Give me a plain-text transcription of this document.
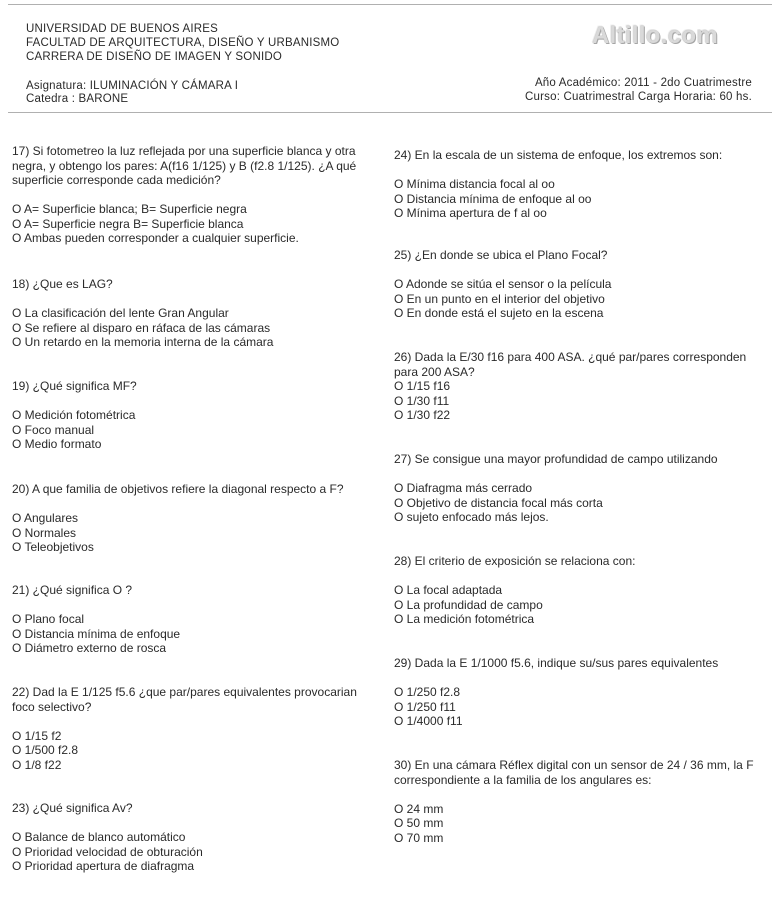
UNIVERSIDAD DE BUENOS AIRES
FACULTAD DE ARQUITECTURA, DISEÑO Y URBANISMO
CARRERA DE DISEÑO DE IMAGEN Y SONIDO
Altillo.com
Asignatura: ILUMINACIÓN Y CÁMARA I
Catedra : BARONE
Año Académico: 2011 - 2do Cuatrimestre
Curso: Cuatrimestral Carga Horaria: 60 hs.
17) Si fotometreo la luz reflejada por una superficie blanca y otra negra, y obtengo los pares: A(f16 1/125) y B (f2.8 1/125). ¿A qué superficie corresponde cada medición?
O A= Superficie blanca; B= Superficie negra
O A= Superficie negra B= Superficie blanca
O Ambas pueden corresponder a cualquier superficie.
18) ¿Que es LAG?
O La clasificación del lente Gran Angular
O Se refiere al disparo en ráfaca de las cámaras
O Un retardo en la memoria interna de la cámara
19) ¿Qué significa MF?
O Medición fotométrica
O Foco manual
O Medio formato
20) A que familia de objetivos refiere la diagonal respecto a F?
O Angulares
O Normales
O Teleobjetivos
21) ¿Qué significa O ?
O Plano focal
O Distancia mínima de enfoque
O Diámetro externo de rosca
22) Dad la E 1/125 f5.6 ¿que par/pares equivalentes provocarian foco selectivo?
O 1/15 f2
O 1/500 f2.8
O 1/8 f22
23) ¿Qué significa Av?
O Balance de blanco automático
O Prioridad velocidad de obturación
O Prioridad apertura de diafragma
24) En la escala de un sistema de enfoque, los extremos son:
O Mínima distancia focal al oo
O Distancia mínima de enfoque al oo
O Mínima apertura de f al oo
25) ¿En donde se ubica el Plano Focal?
O Adonde se sitúa el sensor o la película
O En un punto en el interior del objetivo
O En donde está el sujeto en la escena
26) Dada la E/30 f16 para 400 ASA. ¿qué par/pares corresponden para 200 ASA?
O 1/15 f16
O 1/30 f11
O 1/30 f22
27) Se consigue una mayor profundidad de campo utilizando
O Diafragma más cerrado
O Objetivo de distancia focal más corta
O sujeto enfocado más lejos.
28) El criterio de exposición se relaciona con:
O La focal adaptada
O La profundidad de campo
O La medición fotométrica
29) Dada la E 1/1000 f5.6, indique su/sus pares equivalentes
O 1/250 f2.8
O 1/250 f11
O 1/4000 f11
30) En una cámara Réflex digital con un sensor de 24 / 36 mm, la F correspondiente a la familia de los angulares es:
O 24 mm
O 50 mm
O 70 mm
